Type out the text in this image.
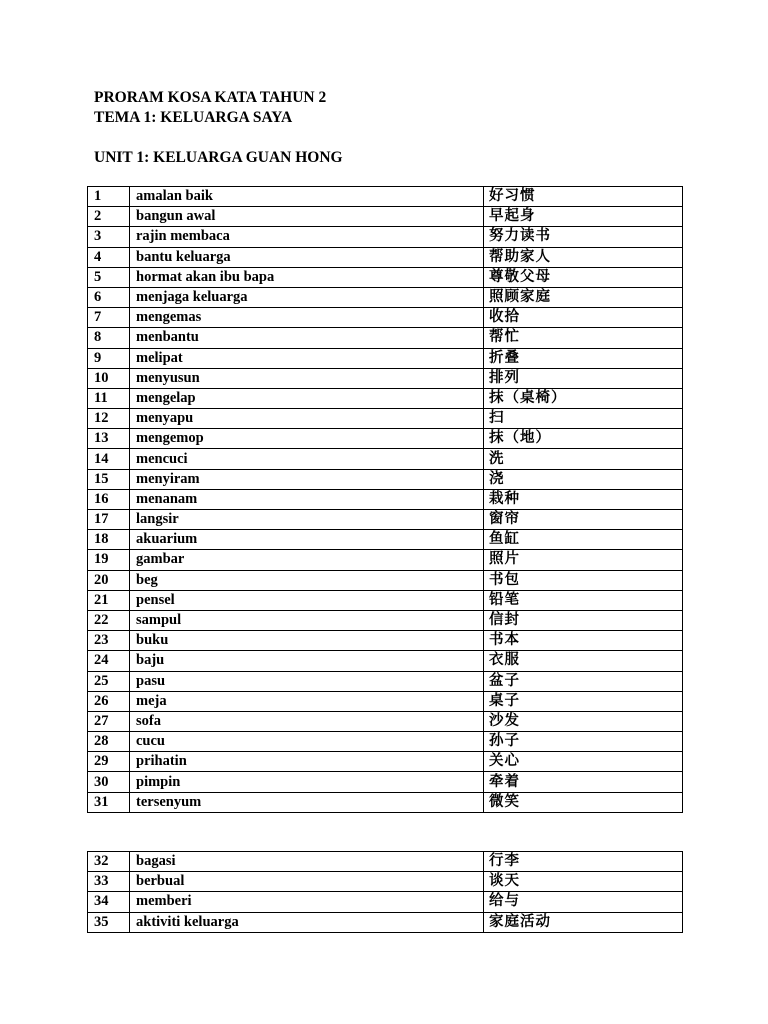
PRORAM KOSA KATA TAHUN 2
TEMA 1: KELUARGA SAYA
UNIT 1: KELUARGA GUAN HONG
1	amalan baik	好习惯
2	bangun awal	早起身
3	rajin membaca	努力读书
4	bantu keluarga	帮助家人
5	hormat akan ibu bapa	尊敬父母
6	menjaga keluarga	照顾家庭
7	mengemas	收拾
8	menbantu	帮忙
9	melipat	折叠
10	menyusun	排列
11	mengelap	抹（桌椅）
12	menyapu	扫
13	mengemop	抹（地）
14	mencuci	洗
15	menyiram	浇
16	menanam	栽种
17	langsir	窗帘
18	akuarium	鱼缸
19	gambar	照片
20	beg	书包
21	pensel	铅笔
22	sampul	信封
23	buku	书本
24	baju	衣服
25	pasu	盆子
26	meja	桌子
27	sofa	沙发
28	cucu	孙子
29	prihatin	关心
30	pimpin	牵着
31	tersenyum	微笑
32	bagasi	行李
33	berbual	谈天
34	memberi	给与
35	aktiviti keluarga	家庭活动
